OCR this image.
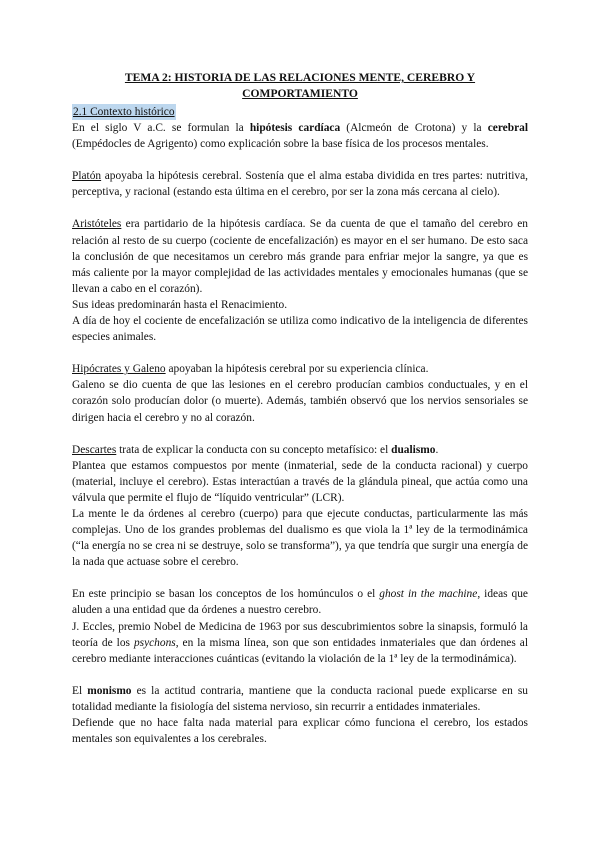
TEMA 2: HISTORIA DE LAS RELACIONES MENTE, CEREBRO Y
COMPORTAMIENTO
2.1 Contexto histórico

En el siglo V a.C. se formulan la hipótesis cardíaca (Alcmeón de Crotona) y la cerebral (Empédocles de Agrigento) como explicación sobre la base física de los procesos mentales.

Platón apoyaba la hipótesis cerebral. Sostenía que el alma estaba dividida en tres partes: nutritiva, perceptiva, y racional (estando esta última en el cerebro, por ser la zona más cercana al cielo).

Aristóteles era partidario de la hipótesis cardíaca. Se da cuenta de que el tamaño del cerebro en relación al resto de su cuerpo (cociente de encefalización) es mayor en el ser humano. De esto saca la conclusión de que necesitamos un cerebro más grande para enfriar mejor la sangre, ya que es más caliente por la mayor complejidad de las actividades mentales y emocionales humanas (que se llevan a cabo en el corazón).

Sus ideas predominarán hasta el Renacimiento.

A día de hoy el cociente de encefalización se utiliza como indicativo de la inteligencia de diferentes especies animales.

Hipócrates y Galeno apoyaban la hipótesis cerebral por su experiencia clínica.

Galeno se dio cuenta de que las lesiones en el cerebro producían cambios conductuales, y en el corazón solo producían dolor (o muerte). Además, también observó que los nervios sensoriales se dirigen hacia el cerebro y no al corazón.

Descartes trata de explicar la conducta con su concepto metafísico: el dualismo.

Plantea que estamos compuestos por mente (inmaterial, sede de la conducta racional) y cuerpo (material, incluye el cerebro). Estas interactúan a través de la glándula pineal, que actúa como una válvula que permite el flujo de “líquido ventricular” (LCR).

La mente le da órdenes al cerebro (cuerpo) para que ejecute conductas, particularmente las más complejas. Uno de los grandes problemas del dualismo es que viola la 1ª ley de la termodinámica (“la energía no se crea ni se destruye, solo se transforma”), ya que tendría que surgir una energía de la nada que actuase sobre el cerebro.

En este principio se basan los conceptos de los homúnculos o el ghost in the machine, ideas que aluden a una entidad que da órdenes a nuestro cerebro.

J. Eccles, premio Nobel de Medicina de 1963 por sus descubrimientos sobre la sinapsis, formuló la teoría de los psychons, en la misma línea, son que son entidades inmateriales que dan órdenes al cerebro mediante interacciones cuánticas (evitando la violación de la 1ª ley de la termodinámica).

El monismo es la actitud contraria, mantiene que la conducta racional puede explicarse en su totalidad mediante la fisiología del sistema nervioso, sin recurrir a entidades inmateriales.

Defiende que no hace falta nada material para explicar cómo funciona el cerebro, los estados mentales son equivalentes a los cerebrales.
